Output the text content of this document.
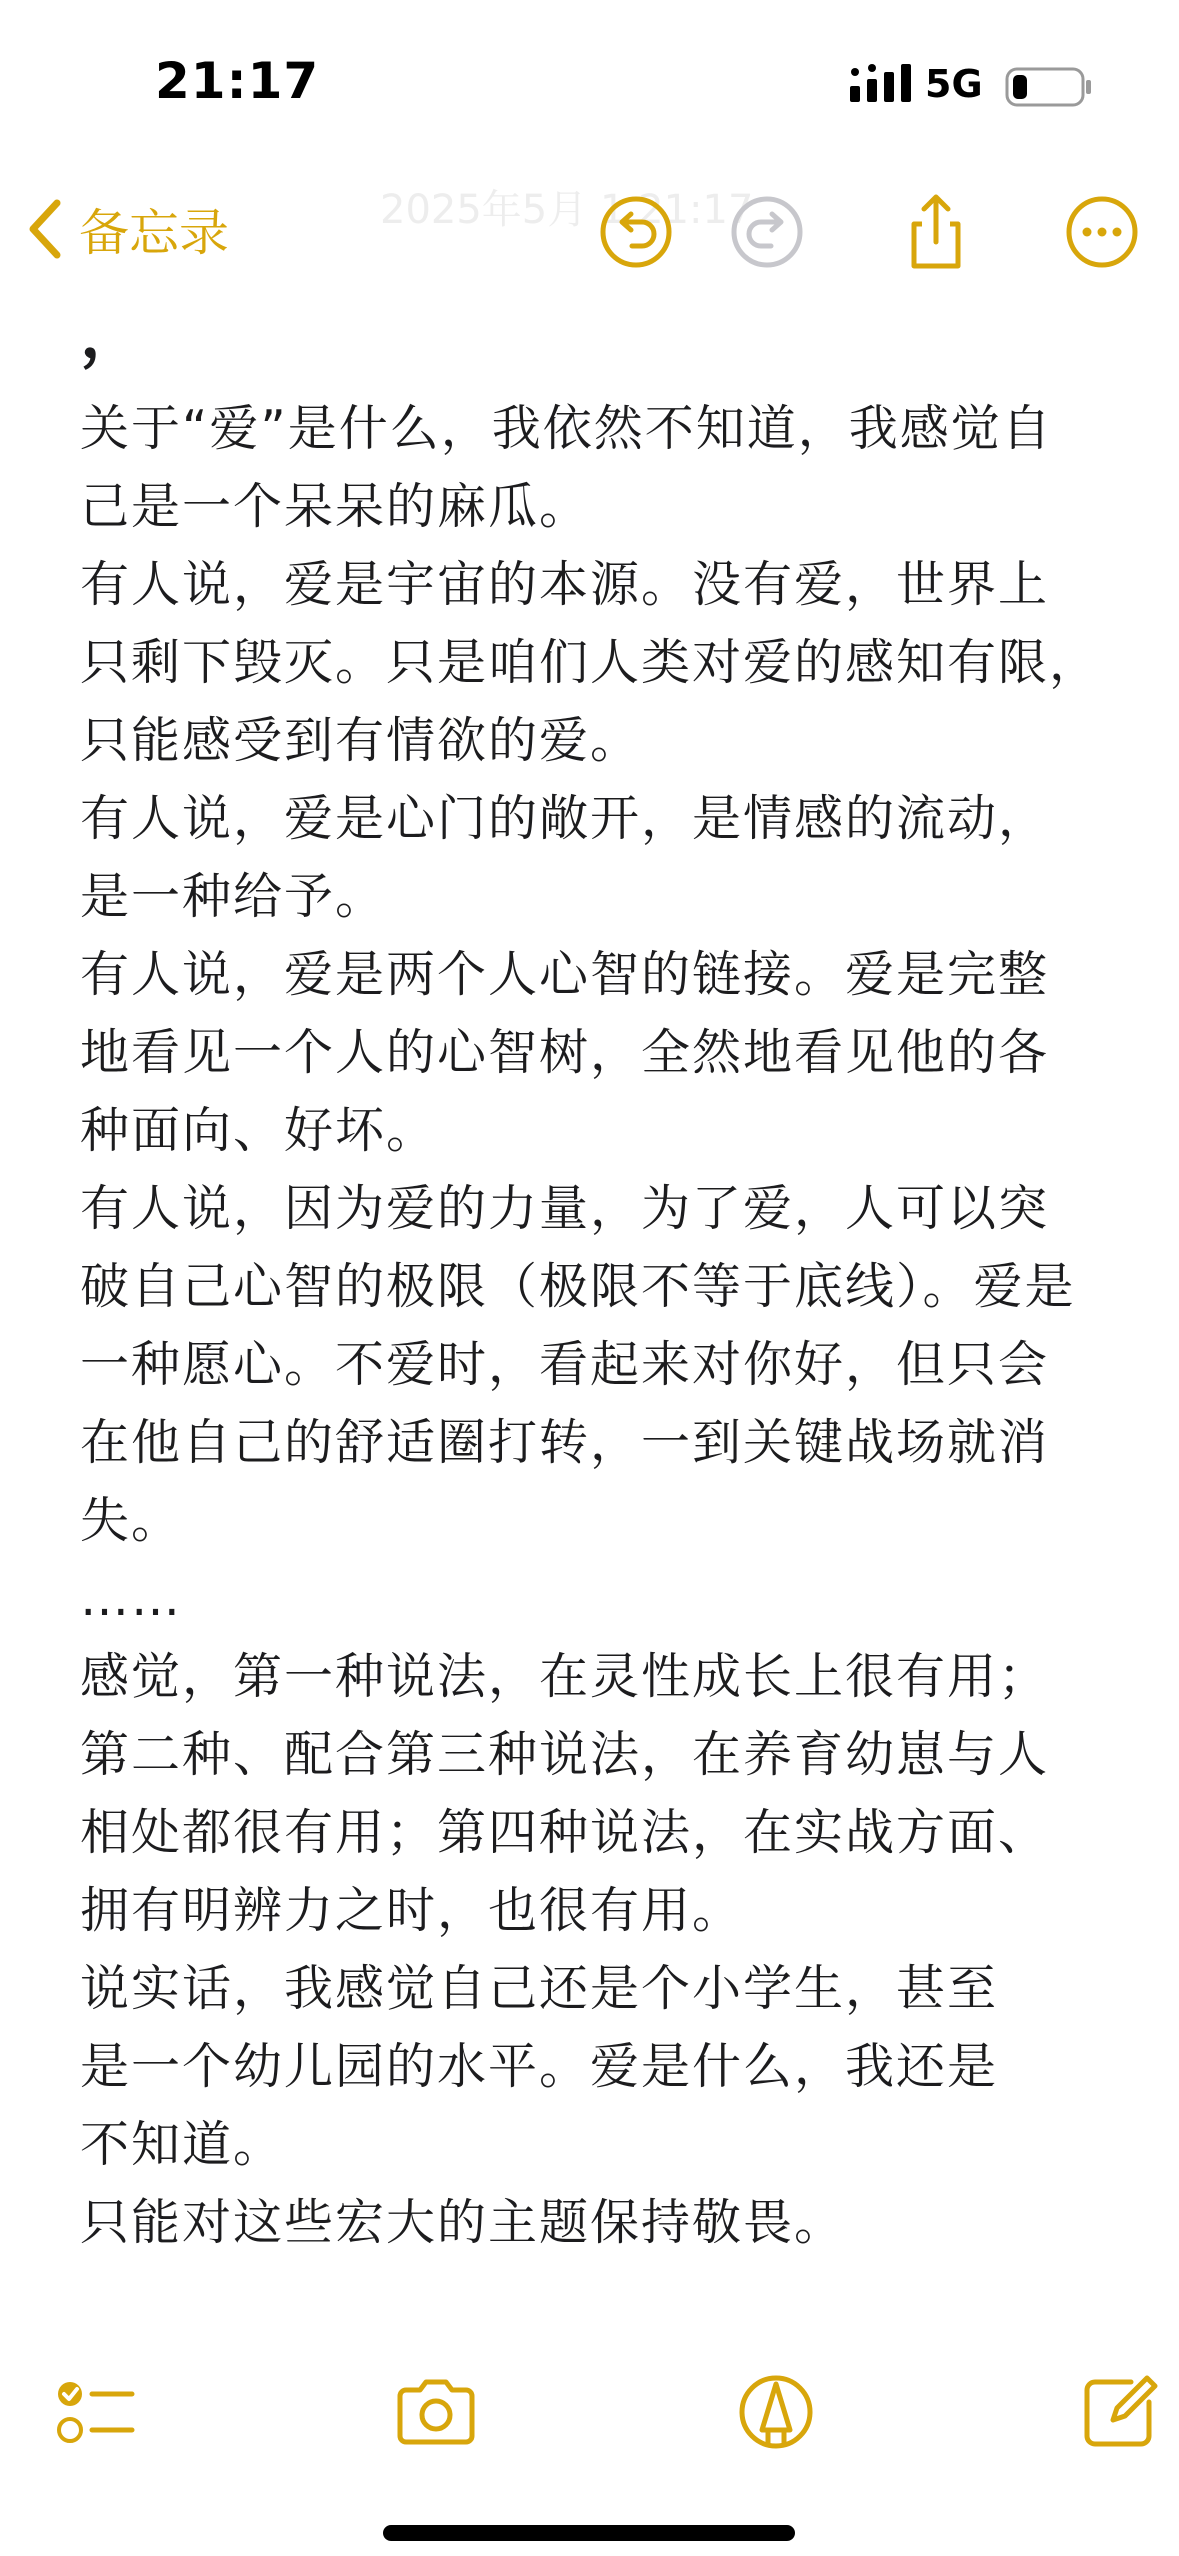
21:17	5G
2025年5月 1 21:17
备忘录
，
关于“爱”是什么，我依然不知道，我感觉自
己是一个呆呆的麻瓜。
有人说，爱是宇宙的本源。没有爱，世界上
只剩下毁灭。只是咱们人类对爱的感知有限，
只能感受到有情欲的爱。
有人说，爱是心门的敞开，是情感的流动，
是一种给予。
有人说，爱是两个人心智的链接。爱是完整
地看见一个人的心智树，全然地看见他的各
种面向、好坏。
有人说，因为爱的力量，为了爱，人可以突
破自己心智的极限（极限不等于底线）。爱是
一种愿心。不爱时，看起来对你好，但只会
在他自己的舒适圈打转，一到关键战场就消
失。
……
感觉，第一种说法，在灵性成长上很有用；
第二种、配合第三种说法，在养育幼崽与人
相处都很有用；第四种说法，在实战方面、
拥有明辨力之时，也很有用。
说实话，我感觉自己还是个小学生，甚至
是一个幼儿园的水平。爱是什么，我还是
不知道。
只能对这些宏大的主题保持敬畏。
